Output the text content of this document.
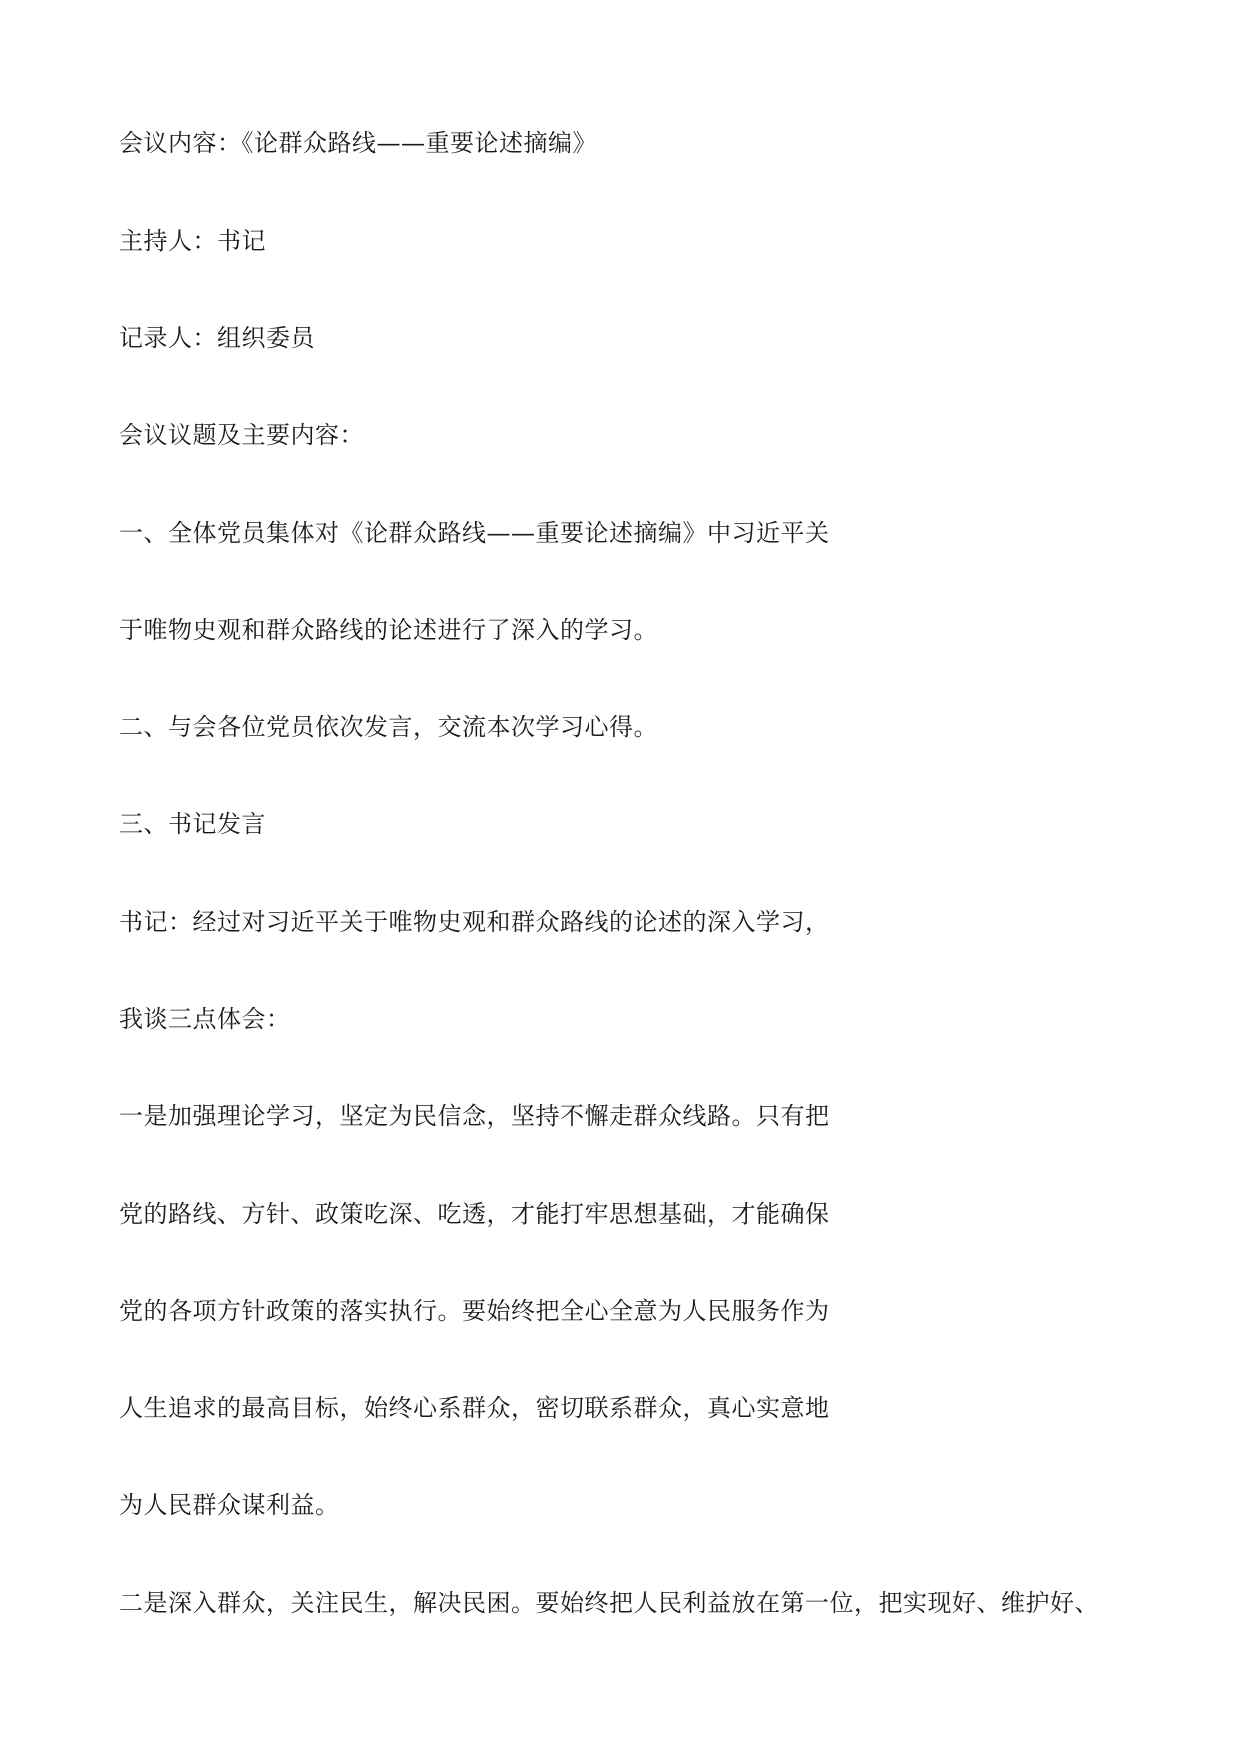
会议内容：《论群众路线——重要论述摘编》

主持人：书记

记录人：组织委员

会议议题及主要内容：

一、全体党员集体对《论群众路线——重要论述摘编》中习近平关

于唯物史观和群众路线的论述进行了深入的学习。

二、与会各位党员依次发言，交流本次学习心得。

三、书记发言

书记：经过对习近平关于唯物史观和群众路线的论述的深入学习，

我谈三点体会：

一是加强理论学习，坚定为民信念，坚持不懈走群众线路。只有把

党的路线、方针、政策吃深、吃透，才能打牢思想基础，才能确保

党的各项方针政策的落实执行。要始终把全心全意为人民服务作为

人生追求的最高目标，始终心系群众，密切联系群众，真心实意地

为人民群众谋利益。

二是深入群众，关注民生，解决民困。要始终把人民利益放在第一位，把实现好、维护好、
